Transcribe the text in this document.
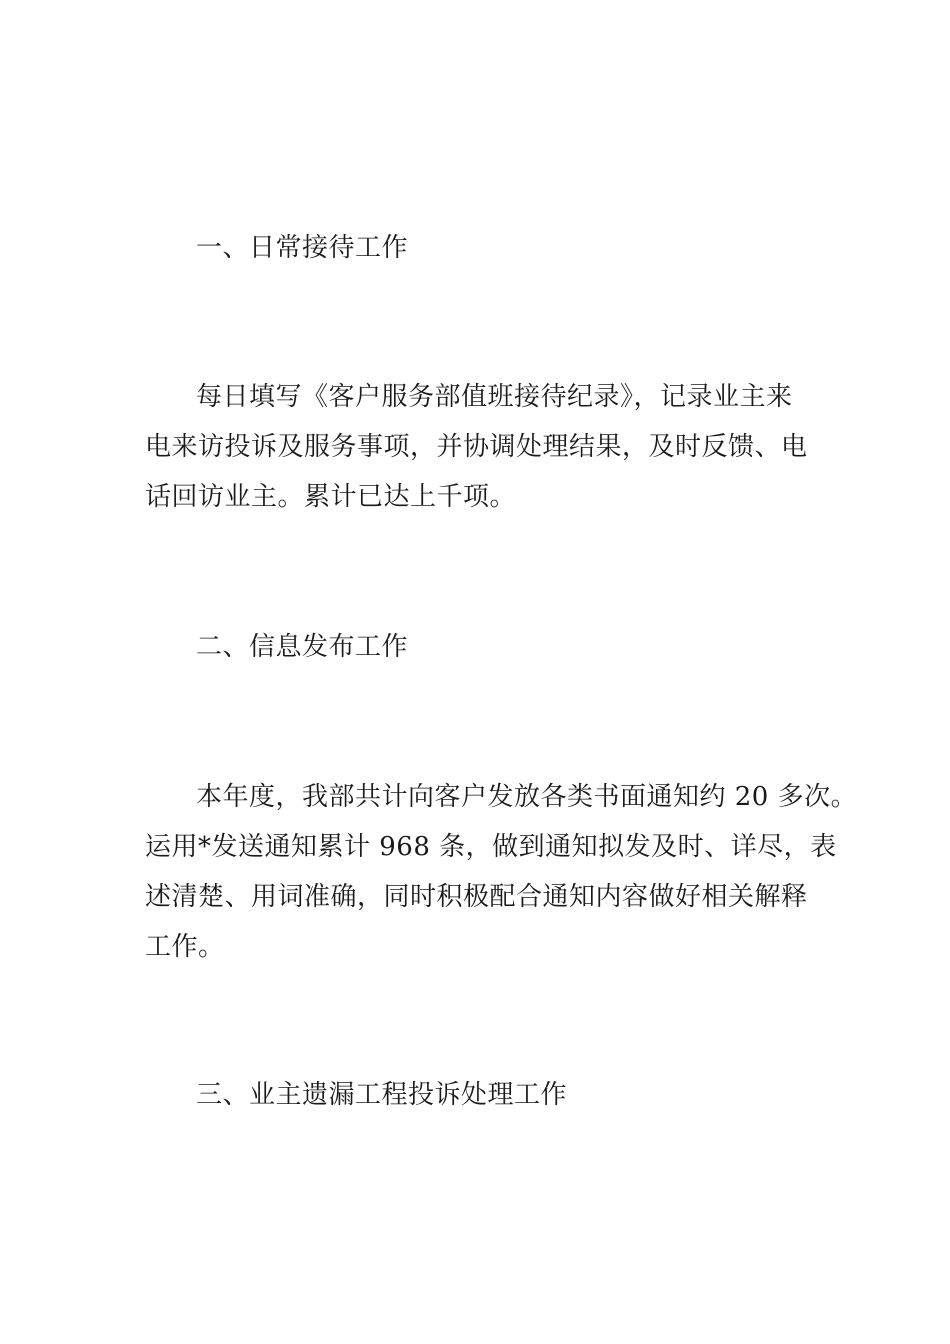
一、日常接待工作
每日填写《客户服务部值班接待纪录》，记录业主来
电来访投诉及服务事项，并协调处理结果，及时反馈、电
话回访业主。累计已达上千项。
二、信息发布工作
本年度，我部共计向客户发放各类书面通知约 20 多次。
运用*发送通知累计 968 条，做到通知拟发及时、详尽，表
述清楚、用词准确，同时积极配合通知内容做好相关解释
工作。
三、业主遗漏工程投诉处理工作
